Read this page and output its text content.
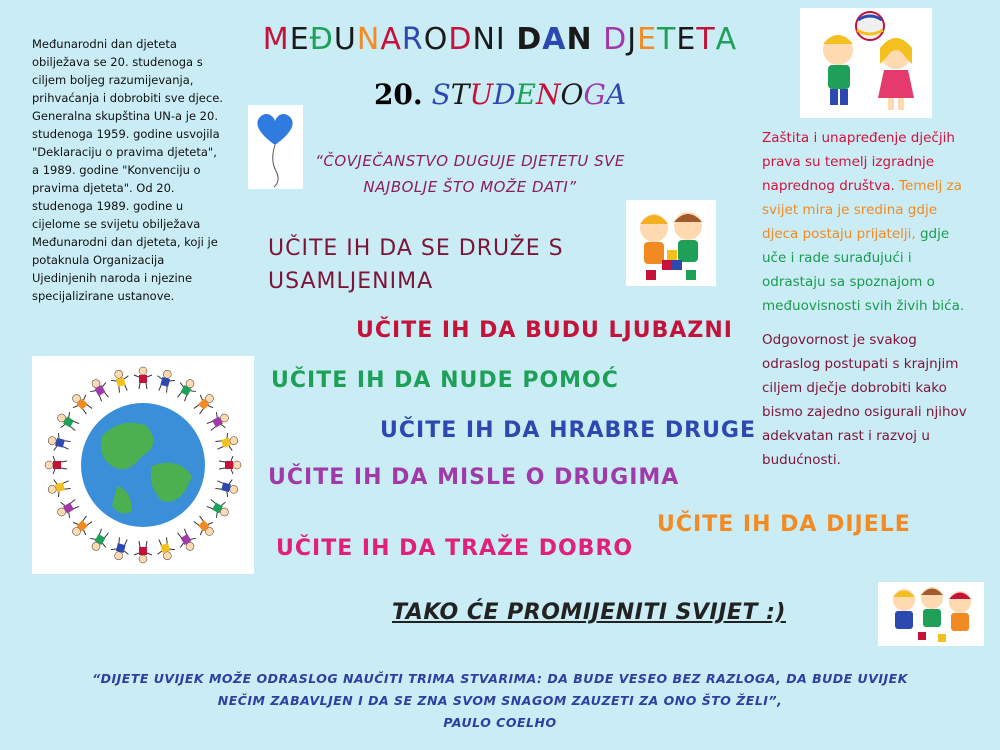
MEĐUNARODNI DAN DJETETA
20. STUDENOGA
Međunarodni dan djeteta
obilježava se 20. studenoga s
ciljem boljeg razumijevanja,
prihvaćanja i dobrobiti sve djece.
Generalna skupština UN-a je 20.
studenoga 1959. godine usvojila
"Deklaraciju o pravima djeteta",
a 1989. godine "Konvenciju o
pravima djeteta". Od 20.
studenoga 1989. godine u
cijelome se svijetu obilježava
Međunarodni dan djeteta, koji je
potaknula Organizacija
Ujedinjenih naroda i njezine
specijalizirane ustanove.
“ČOVJEČANSTVO DUGUJE DJETETU SVE
NAJBOLJE ŠTO MOŽE DATI”
UČITE IH DA SE DRUŽE S USAMLJENIMA
UČITE IH DA BUDU LJUBAZNI
UČITE IH DA NUDE POMOĆ
UČITE IH DA HRABRE DRUGE
UČITE IH DA MISLE O DRUGIMA
UČITE IH DA DIJELE
UČITE IH DA TRAŽE DOBRO
Zaštita i unapređenje dječjih prava su temelj izgradnje naprednog društva. Temelj za svijet mira je sredina gdje djeca postaju prijatelji, gdje uče i rade surađujući i odrastaju sa spoznajom o međuovisnosti svih živih bića.
Odgovornost je svakog odraslog postupati s krajnjim ciljem dječje dobrobiti kako bismo zajedno osigurali njihov adekvatan rast i razvoj u budućnosti.
TAKO ĆE PROMIJENITI SVIJET :)
“DIJETE UVIJEK MOŽE ODRASLOG NAUČITI TRIMA STVARIMA: DA BUDE VESEO BEZ RAZLOGA, DA BUDE UVIJEK
NEČIM ZABAVLJEN I DA SE ZNA SVOM SNAGOM ZAUZETI ZA ONO ŠTO ŽELI”,
PAULO COELHO
